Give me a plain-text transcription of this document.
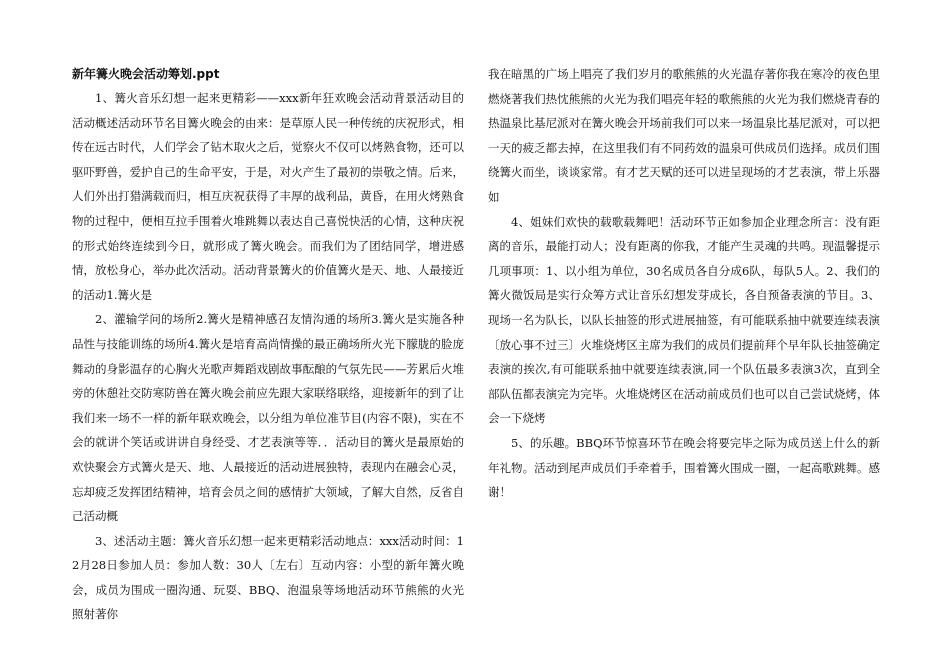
新年篝火晚会活动筹划.ppt

1、篝火音乐幻想一起来更精彩——xxx新年狂欢晚会活动背景活动目的活动概述活动环节名目篝火晚会的由来：是草原人民一种传统的庆祝形式，相传在远古时代，人们学会了钻木取火之后，觉察火不仅可以烤熟食物，还可以驱吓野兽，爱护自己的生命平安，于是，对火产生了最初的崇敬之情。后来，人们外出打猎满载而归，相互庆祝获得了丰厚的战利品，黄昏，在用火烤熟食物的过程中，便相互拉手围着火堆跳舞以表达自己喜悦快活的心情，这种庆祝的形式始终连续到今日，就形成了篝火晚会。而我们为了团结同学，增进感情，放松身心，举办此次活动。活动背景篝火的价值篝火是天、地、人最接近的活动1.篝火是

2、灌输学问的场所2.篝火是精神感召友情沟通的场所3.篝火是实施各种品性与技能训练的场所4.篝火是培育高尚情操的最正确场所火光下朦胧的脸庞舞动的身影温存的心胸火光歌声舞蹈戏剧故事酝酿的气氛先民——芳累后火堆旁的休憩社交防寒防兽在篝火晚会前应先跟大家联络联络，迎接新年的到了让我们来一场不一样的新年联欢晚会，以分组为单位准节目(内容不限)，实在不会的就讲个笑话或讲讲自身经受、才艺表演等等．．活动目的篝火是最原始的欢快聚会方式篝火是天、地、人最接近的活动进展独特，表现内在融会心灵，忘却疲乏发挥团结精神，培育会员之间的感情扩大领域，了解大自然，反省自己活动概

3、述活动主题：篝火音乐幻想一起来更精彩活动地点：xxx活动时间：12月28日参加人员：参加人数：30人〔左右〕互动内容：小型的新年篝火晚会，成员为围成一圈沟通、玩耍、BBQ、泡温泉等场地活动环节熊熊的火光照射著你

我在暗黑的广场上唱亮了我们岁月的歌熊熊的火光温存著你我在寒冷的夜色里燃烧著我们热忱熊熊的火光为我们唱亮年轻的歌熊熊的火光为我们燃烧青春的热温泉比基尼派对在篝火晚会开场前我们可以来一场温泉比基尼派对，可以把一天的疲乏都去掉，在这里我们有不同药效的温泉可供成员们选择。成员们围绕篝火而坐，谈谈家常。有才艺天赋的还可以进呈现场的才艺表演，带上乐器如

4、姐妹们欢快的载歌载舞吧！活动环节正如参加企业理念所言：没有距离的音乐，最能打动人；没有距离的你我，才能产生灵魂的共鸣。现温馨提示几项事项：1、以小组为单位，30名成员各自分成6队，每队5人。2、我们的篝火微饭局是实行众筹方式让音乐幻想发芽成长，各自预备表演的节目。3、现场一名为队长，以队长抽签的形式进展抽签，有可能联系抽中就要连续表演〔放心事不过三〕火堆烧烤区主席为我们的成员们提前拜个早年队长抽签确定表演的挨次,有可能联系抽中就要连续表演,同一个队伍最多表演3次，直到全部队伍都表演完为完毕。火堆烧烤区在活动前成员们也可以自己尝试烧烤，体会一下烧烤

5、的乐趣。BBQ环节惊喜环节在晚会将要完毕之际为成员送上什么的新年礼物。活动到尾声成员们手牵着手，围着篝火围成一圈，一起高歌跳舞。感谢！
